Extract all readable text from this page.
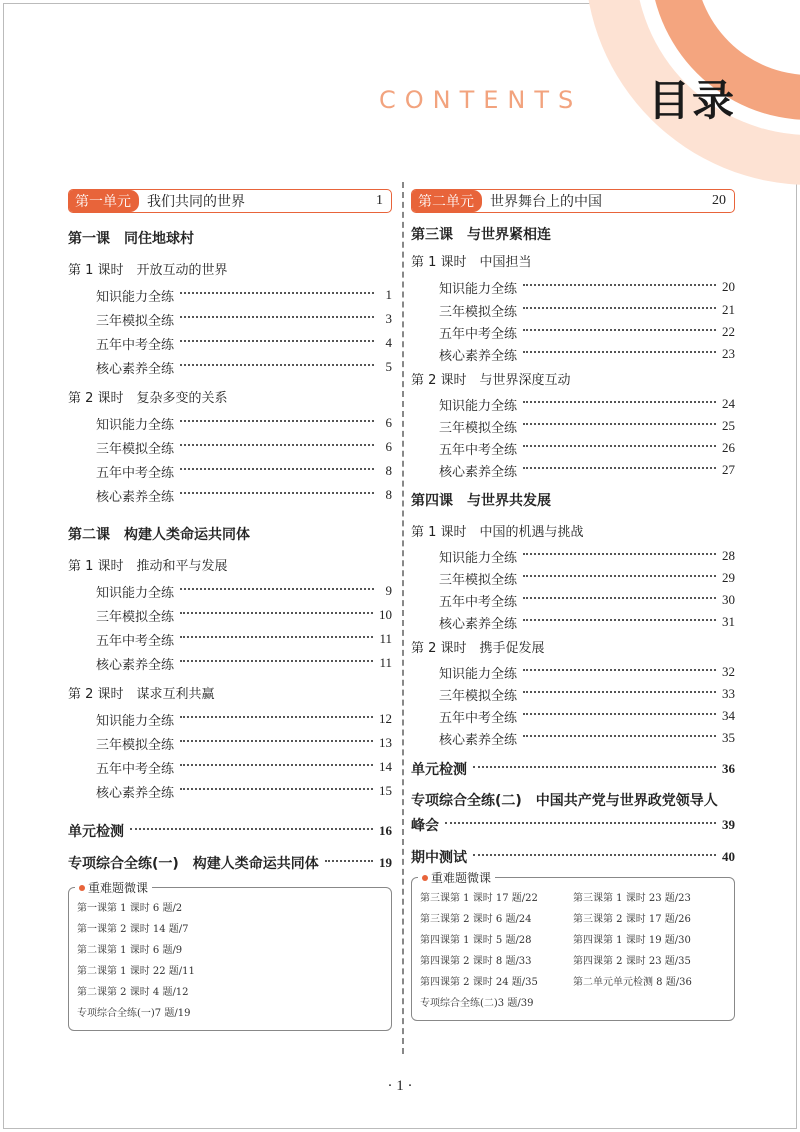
CONTENTS 目录
第一单元	我们共同的世界	1
第一课　同住地球村
第 1 课时　开放互动的世界
知识能力全练	1
三年模拟全练	3
五年中考全练	4
核心素养全练	5
第 2 课时　复杂多变的关系
知识能力全练	6
三年模拟全练	6
五年中考全练	8
核心素养全练	8
第二课　构建人类命运共同体
第 1 课时　推动和平与发展
知识能力全练	9
三年模拟全练	10
五年中考全练	11
核心素养全练	11
第 2 课时　谋求互利共赢
知识能力全练	12
三年模拟全练	13
五年中考全练	14
核心素养全练	15
单元检测	16
专项综合全练(一)　构建人类命运共同体	19
重难题微课
第一课第 1 课时 6 题/2
第一课第 2 课时 14 题/7
第二课第 1 课时 6 题/9
第二课第 1 课时 22 题/11
第二课第 2 课时 4 题/12
专项综合全练(一)7 题/19
第二单元	世界舞台上的中国	20
第三课　与世界紧相连
第 1 课时　中国担当
知识能力全练	20
三年模拟全练	21
五年中考全练	22
核心素养全练	23
第 2 课时　与世界深度互动
知识能力全练	24
三年模拟全练	25
五年中考全练	26
核心素养全练	27
第四课　与世界共发展
第 1 课时　中国的机遇与挑战
知识能力全练	28
三年模拟全练	29
五年中考全练	30
核心素养全练	31
第 2 课时　携手促发展
知识能力全练	32
三年模拟全练	33
五年中考全练	34
核心素养全练	35
单元检测	36
专项综合全练(二)　中国共产党与世界政党领导人
峰会	39
期中测试	40
重难题微课
第三课第 1 课时 17 题/22	第三课第 1 课时 23 题/23
第三课第 2 课时 6 题/24	第三课第 2 课时 17 题/26
第四课第 1 课时 5 题/28	第四课第 1 课时 19 题/30
第四课第 2 课时 8 题/33	第四课第 2 课时 23 题/35
第四课第 2 课时 24 题/35	第二单元单元检测 8 题/36
专项综合全练(二)3 题/39
· 1 ·
